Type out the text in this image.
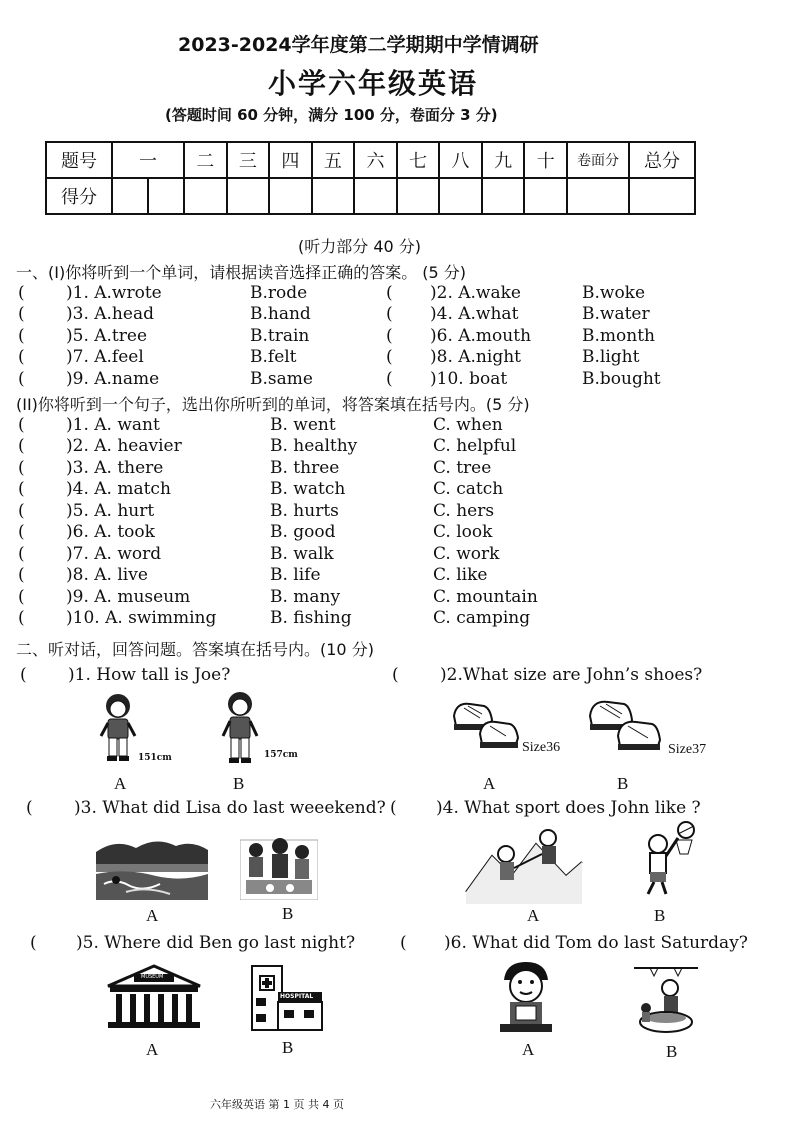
2023-2024学年度第二学期期中学情调研
小学六年级英语
(答题时间 60 分钟，满分 100 分，卷面分 3 分)
题号	一		二	三	四	五	六	七	八	九	十	卷面分	总分
得分													
(听力部分 40 分)
一、(I)你将听到一个单词，请根据读音选择正确的答案。 (5 分)
( )1. A.wrote	B.rode	( )2. A.wake	B.woke
( )3. A.head	B.hand	( )4. A.what	B.water
( )5. A.tree	B.train	( )6. A.mouth	B.month
( )7. A.feel	B.felt	( )8. A.night	B.light
( )9. A.name	B.same	( )10. boat	B.bought
(II)你将听到一个句子，选出你所听到的单词，将答案填在括号内。(5 分)
( )1. A. want	B. went	C. when
( )2. A. heavier	B. healthy	C. helpful
( )3. A. there	B. three	C. tree
( )4. A. match	B. watch	C. catch
( )5. A. hurt	B. hurts	C. hers
( )6. A. took	B. good	C. look
( )7. A. word	B. walk	C. work
( )8. A. live	B. life	C. like
( )9. A. museum	B. many	C. mountain
( )10. A. swimming	B. fishing	C. camping
二、听对话，回答问题。答案填在括号内。(10 分)
( )1. How tall is Joe?
151cm	157cm
A	B
( )2.What size are John’s shoes?
Size36	Size37
A	B
( )3. What did Lisa do last weeekend?
A	B
( )4. What sport does John like ?
A	B
( )5. Where did Ben go last night?
MUSEUM
HOSPITAL
A	B
( )6. What did Tom do last Saturday?
A	B
六年级英语 第 1 页 共 4 页
